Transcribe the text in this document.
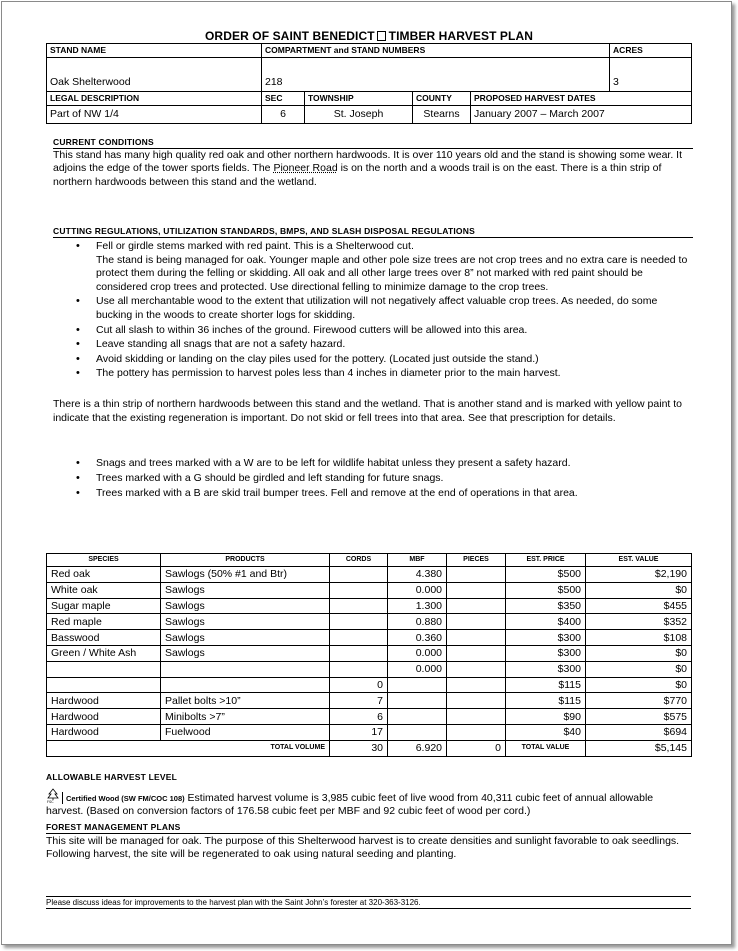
ORDER OF SAINT BENEDICT TIMBER HARVEST PLAN
STAND NAME	COMPARTMENT and STAND NUMBERS				ACRES
Oak Shelterwood	218				3
LEGAL DESCRIPTION	SEC	TOWNSHIP	COUNTY	PROPOSED HARVEST DATES	
Part of NW 1/4	6	St. Joseph	Stearns	January 2007 – March 2007	
CURRENT CONDITIONS
This stand has many high quality red oak and other northern hardwoods. It is over 110 years old and the stand is showing some wear. It adjoins the edge of the tower sports fields. The Pioneer Road is on the north and a woods trail is on the east. There is a thin strip of northern hardwoods between this stand and the wetland.
CUTTING REGULATIONS, UTILIZATION STANDARDS, BMPS, AND SLASH DISPOSAL REGULATIONS
• Fell or girdle stems marked with red paint. This is a Shelterwood cut.
The stand is being managed for oak. Younger maple and other pole size trees are not crop trees and no extra care is needed to protect them during the felling or skidding. All oak and all other large trees over 8” not marked with red paint should be considered crop trees and protected. Use directional felling to minimize damage to the crop trees.
• Use all merchantable wood to the extent that utilization will not negatively affect valuable crop trees. As needed, do some bucking in the woods to create shorter logs for skidding.
• Cut all slash to within 36 inches of the ground. Firewood cutters will be allowed into this area.
• Leave standing all snags that are not a safety hazard.
• Avoid skidding or landing on the clay piles used for the pottery. (Located just outside the stand.)
• The pottery has permission to harvest poles less than 4 inches in diameter prior to the main harvest.
There is a thin strip of northern hardwoods between this stand and the wetland. That is another stand and is marked with yellow paint to indicate that the existing regeneration is important. Do not skid or fell trees into that area. See that prescription for details.
• Snags and trees marked with a W are to be left for wildlife habitat unless they present a safety hazard.
• Trees marked with a G should be girdled and left standing for future snags.
• Trees marked with a B are skid trail bumper trees. Fell and remove at the end of operations in that area.
SPECIES	PRODUCTS	CORDS	MBF	PIECES	EST. PRICE	EST. VALUE
Red oak	Sawlogs (50% #1 and Btr)		4.380		$500	$2,190
White oak	Sawlogs		0.000		$500	$0
Sugar maple	Sawlogs		1.300		$350	$455
Red maple	Sawlogs		0.880		$400	$352
Basswood	Sawlogs		0.360		$300	$108
Green / White Ash	Sawlogs		0.000		$300	$0
			0.000		$300	$0
		0			$115	$0
Hardwood	Pallet bolts >10”	7			$115	$770
Hardwood	Minibolts >7”	6			$90	$575
Hardwood	Fuelwood	17			$40	$694
	TOTAL VOLUME	30	6.920	0	TOTAL VALUE	$5,145
ALLOWABLE HARVEST LEVEL
FSC Certified Wood (SW FM/COC 108) Estimated harvest volume is 3,985 cubic feet of live wood from 40,311 cubic feet of annual allowable harvest. (Based on conversion factors of 176.58 cubic feet per MBF and 92 cubic feet of wood per cord.)
FOREST MANAGEMENT PLANS
This site will be managed for oak. The purpose of this Shelterwood harvest is to create densities and sunlight favorable to oak seedlings. Following harvest, the site will be regenerated to oak using natural seeding and planting.
Please discuss ideas for improvements to the harvest plan with the Saint John’s forester at 320-363-3126.
